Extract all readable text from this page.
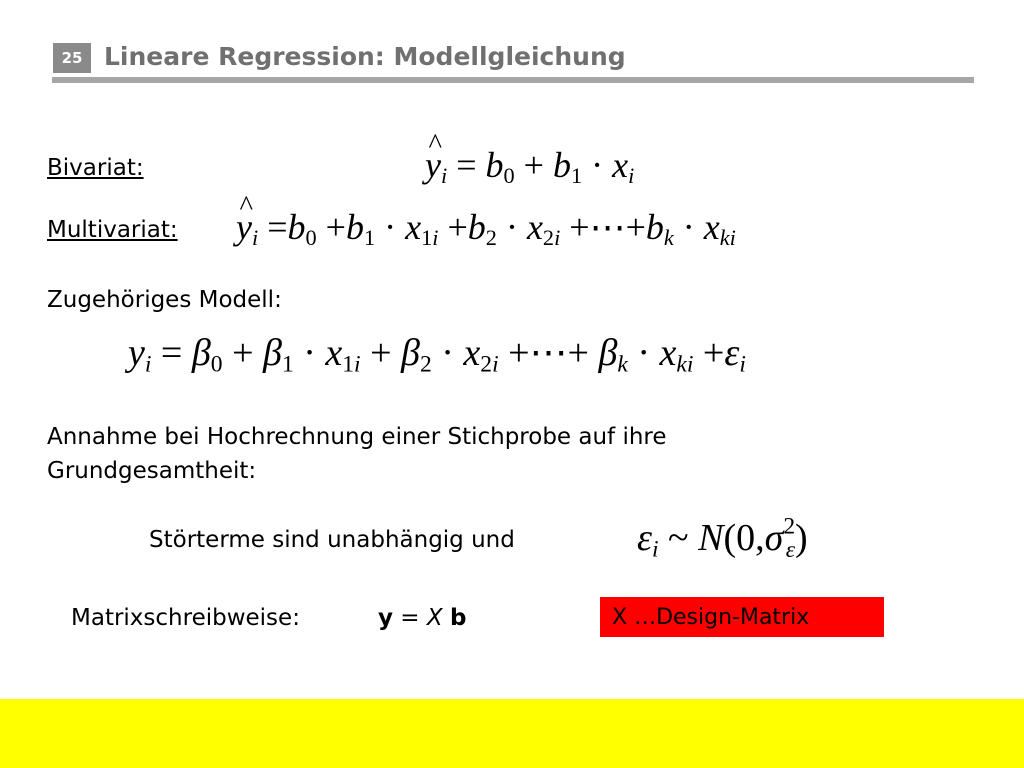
25 Lineare Regression: Modellgleichung
Bivariat:	^ $y_i = b_0 + b_1 \cdot x_i$
Multivariat: ^ $y_i =b_0 +b_1 \cdot x_{1i} +b_2 \cdot x_{2i}$ $+\cdots+b_k \cdot x_{ki}$
Zugehöriges Modell:
$y_i = \beta_0 + \beta_1 \cdot x_{1i} + \beta_2 \cdot x_{2i}$ +⋯+ $\beta_k \cdot x_{ki} +\varepsilon_i$
Annahme bei Hochrechnung einer Stichprobe auf ihre
Grundgesamtheit:
Störterme sind unabhängig und	$\varepsilon_i$ ~ $N(0,\sigma^2_\varepsilon)$
Matrixschreibweise:	y = X b	X …Design-Matrix
